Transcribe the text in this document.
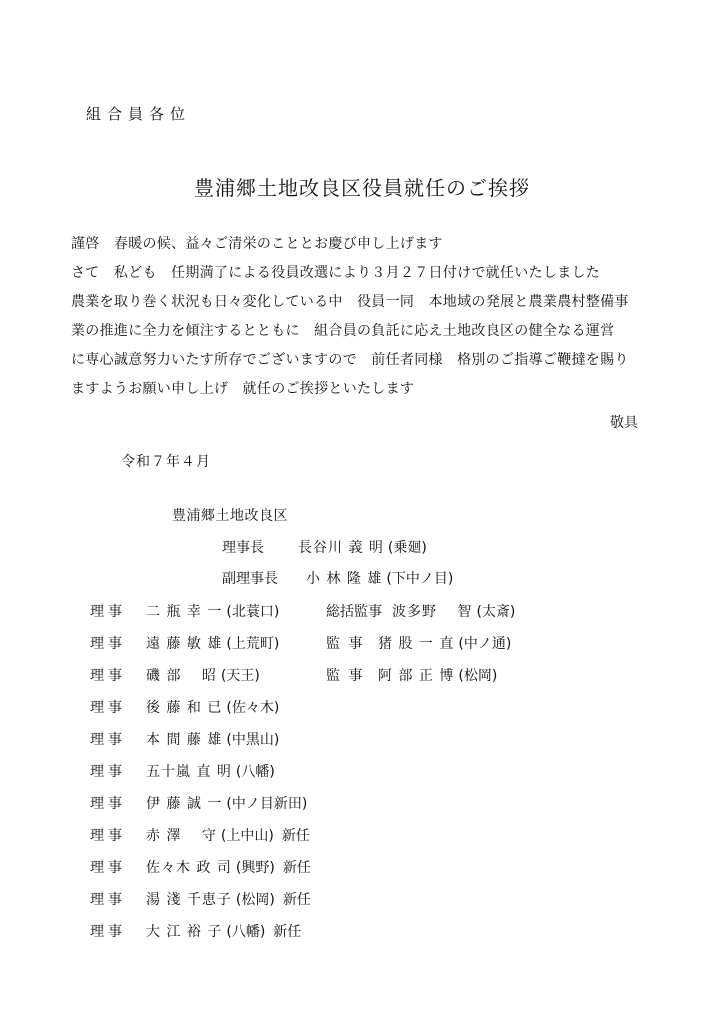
組合員各位
豊浦郷土地改良区役員就任のご挨拶
謹啓　春暖の候、益々ご清栄のこととお慶び申し上げます
さて　私ども　任期満了による役員改選により３月２７日付けで就任いたしました
農業を取り巻く状況も日々変化している中　役員一同　本地域の発展と農業農村整備事
業の推進に全力を傾注するとともに　組合員の負託に応え土地改良区の健全なる運営
に専心誠意努力いたす所存でございますので　前任者同様　格別のご指導ご鞭撻を賜り
ますようお願い申し上げ　就任のご挨拶といたします
敬具
令和７年４月
豊浦郷土地改良区
理事長 長谷川 義 明 (乗廻)
副理事長 小 林 隆 雄 (下中ノ目)
理事 二 瓶 幸 一 (北蓑口)
理事 遠 藤 敏 雄 (上荒町)
理事 磯 部　 昭 (天王)
理事 後 藤 和 已 (佐々木)
理事 本 間 藤 雄 (中黒山)
理事 五十嵐 直 明 (八幡)
理事 伊 藤 誠 一 (中ノ目新田)
理事 赤 澤　 守 (上中山) 新任
理事 佐々木 政 司 (興野) 新任
理事 湯 淺 千恵子 (松岡) 新任
理事 大 江 裕 子 (八幡) 新任
総括監事 波多野　 智 (太斎)
監 事 猪 股 一 直 (中ノ通)
監 事 阿 部 正 博 (松岡)
